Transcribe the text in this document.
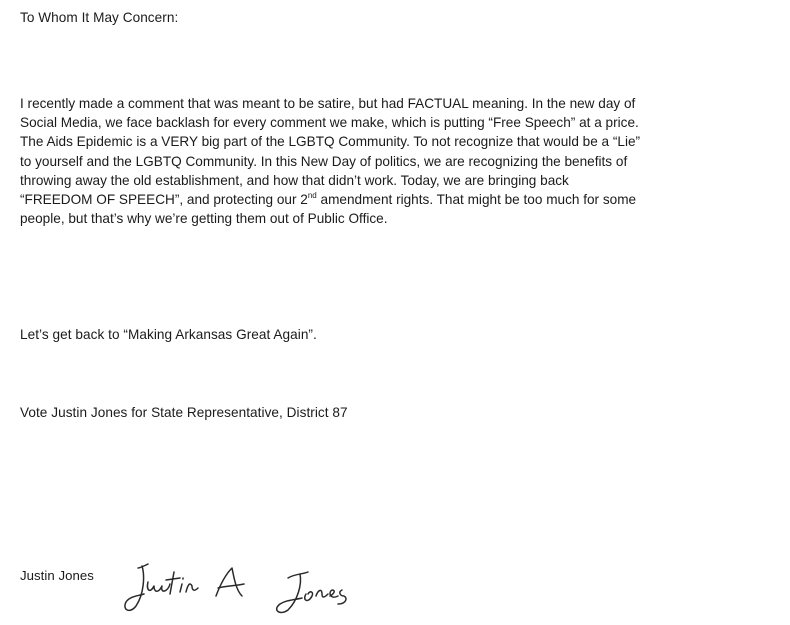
To Whom It May Concern:

I recently made a comment that was meant to be satire, but had FACTUAL meaning. In the new day of
Social Media, we face backlash for every comment we make, which is putting “Free Speech” at a price.
The Aids Epidemic is a VERY big part of the LGBTQ Community. To not recognize that would be a “Lie”
to yourself and the LGBTQ Community. In this New Day of politics, we are recognizing the benefits of
throwing away the old establishment, and how that didn’t work. Today, we are bringing back
“FREEDOM OF SPEECH”, and protecting our 2nd amendment rights. That might be too much for some
people, but that’s why we’re getting them out of Public Office.

Let’s get back to “Making Arkansas Great Again”.

Vote Justin Jones for State Representative, District 87

Justin Jones
